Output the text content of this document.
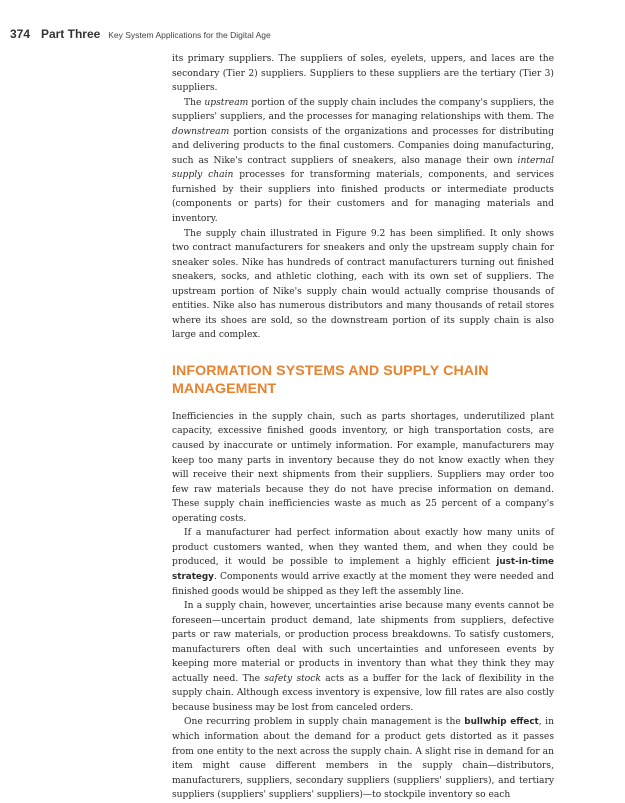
374 Part Three Key System Applications for the Digital Age

its primary suppliers. The suppliers of soles, eyelets, uppers, and laces are the secondary (Tier 2) suppliers. Suppliers to these suppliers are the tertiary (Tier 3) suppliers.

The upstream portion of the supply chain includes the company's suppliers, the suppliers' suppliers, and the processes for managing relationships with them. The downstream portion consists of the organizations and processes for distributing and delivering products to the final customers. Companies doing manufacturing, such as Nike's contract suppliers of sneakers, also manage their own internal supply chain processes for transforming materials, components, and services furnished by their suppliers into finished products or intermediate products (components or parts) for their customers and for managing materials and inventory.

The supply chain illustrated in Figure 9.2 has been simplified. It only shows two contract manufacturers for sneakers and only the upstream supply chain for sneaker soles. Nike has hundreds of contract manufacturers turning out finished sneakers, socks, and athletic clothing, each with its own set of suppliers. The upstream portion of Nike's supply chain would actually comprise thousands of entities. Nike also has numerous distributors and many thousands of retail stores where its shoes are sold, so the downstream portion of its supply chain is also large and complex.

INFORMATION SYSTEMS AND SUPPLY CHAIN MANAGEMENT

Inefficiencies in the supply chain, such as parts shortages, underutilized plant capacity, excessive finished goods inventory, or high transportation costs, are caused by inaccurate or untimely information. For example, manufacturers may keep too many parts in inventory because they do not know exactly when they will receive their next shipments from their suppliers. Suppliers may order too few raw materials because they do not have precise information on demand. These supply chain inefficiencies waste as much as 25 percent of a company's operating costs.

If a manufacturer had perfect information about exactly how many units of product customers wanted, when they wanted them, and when they could be produced, it would be possible to implement a highly efficient just-in-time strategy. Components would arrive exactly at the moment they were needed and finished goods would be shipped as they left the assembly line.

In a supply chain, however, uncertainties arise because many events cannot be foreseen—uncertain product demand, late shipments from suppliers, defective parts or raw materials, or production process breakdowns. To satisfy customers, manufacturers often deal with such uncertainties and unforeseen events by keeping more material or products in inventory than what they think they may actually need. The safety stock acts as a buffer for the lack of flexibility in the supply chain. Although excess inventory is expensive, low fill rates are also costly because business may be lost from canceled orders.

One recurring problem in supply chain management is the bullwhip effect, in which information about the demand for a product gets distorted as it passes from one entity to the next across the supply chain. A slight rise in demand for an item might cause different members in the supply chain—distributors, manufacturers, suppliers, secondary suppliers (suppliers' suppliers), and tertiary suppliers (suppliers' suppliers' suppliers)—to stockpile inventory so each
